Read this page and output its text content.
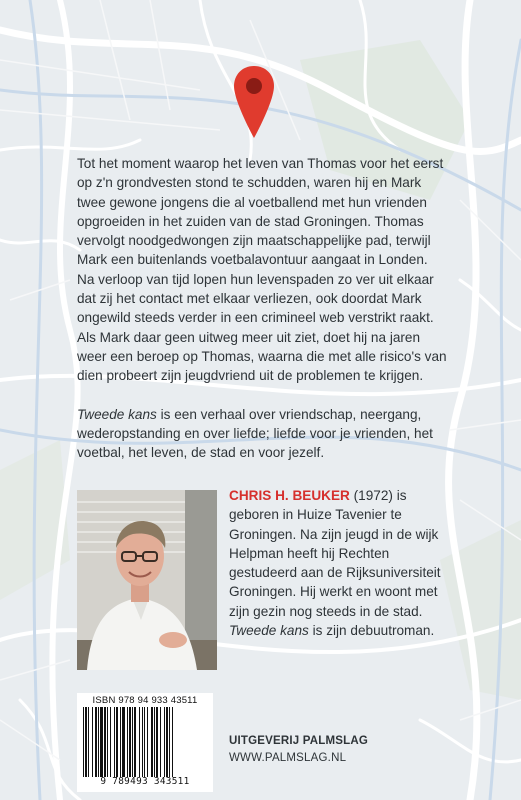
Tot het moment waarop het leven van Thomas voor het eerst op z'n grondvesten stond te schudden, waren hij en Mark twee gewone jongens die al voetballend met hun vrienden opgroeiden in het zuiden van de stad Groningen. Thomas vervolgt noodgedwongen zijn maatschappelijke pad, terwijl Mark een buitenlands voetbalavontuur aangaat in Londen. Na verloop van tijd lopen hun levenspaden zo ver uit elkaar dat zij het contact met elkaar verliezen, ook doordat Mark ongewild steeds verder in een crimineel web verstrikt raakt. Als Mark daar geen uitweg meer uit ziet, doet hij na jaren weer een beroep op Thomas, waarna die met alle risico's van dien probeert zijn jeugdvriend uit de problemen te krijgen.

Tweede kans is een verhaal over vriendschap, neergang, wederopstanding en over liefde; liefde voor je vrienden, het voetbal, het leven, de stad en voor jezelf.

CHRIS H. BEUKER (1972) is geboren in Huize Tavenier te Groningen. Na zijn jeugd in de wijk Helpman heeft hij Rechten gestudeerd aan de Rijksuniversiteit Groningen. Hij werkt en woont met zijn gezin nog steeds in de stad. Tweede kans is zijn debuutroman.
ISBN 978 94 933 43511
9 789493 343511
UITGEVERIJ PALMSLAG
WWW.PALMSLAG.NL
